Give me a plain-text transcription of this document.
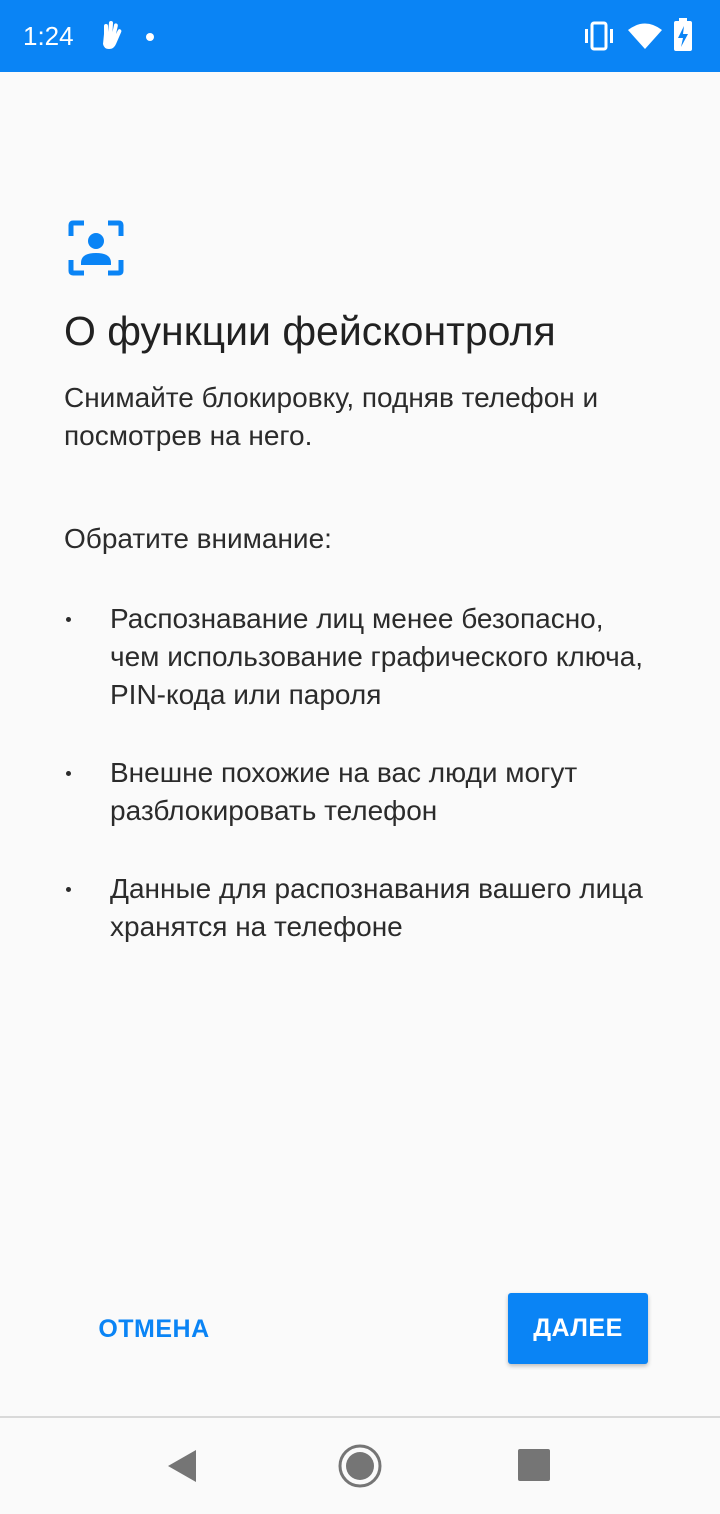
1:24
О функции фейсконтроля

Снимайте блокировку, подняв телефон и посмотрев на него.

Обратите внимание:

Распознавание лиц менее безопасно, чем использование графического ключа, PIN-кода или пароля
Внешне похожие на вас люди могут разблокировать телефон
Данные для распознавания вашего лица хранятся на телефоне
ОТМЕНА	ДАЛЕЕ
